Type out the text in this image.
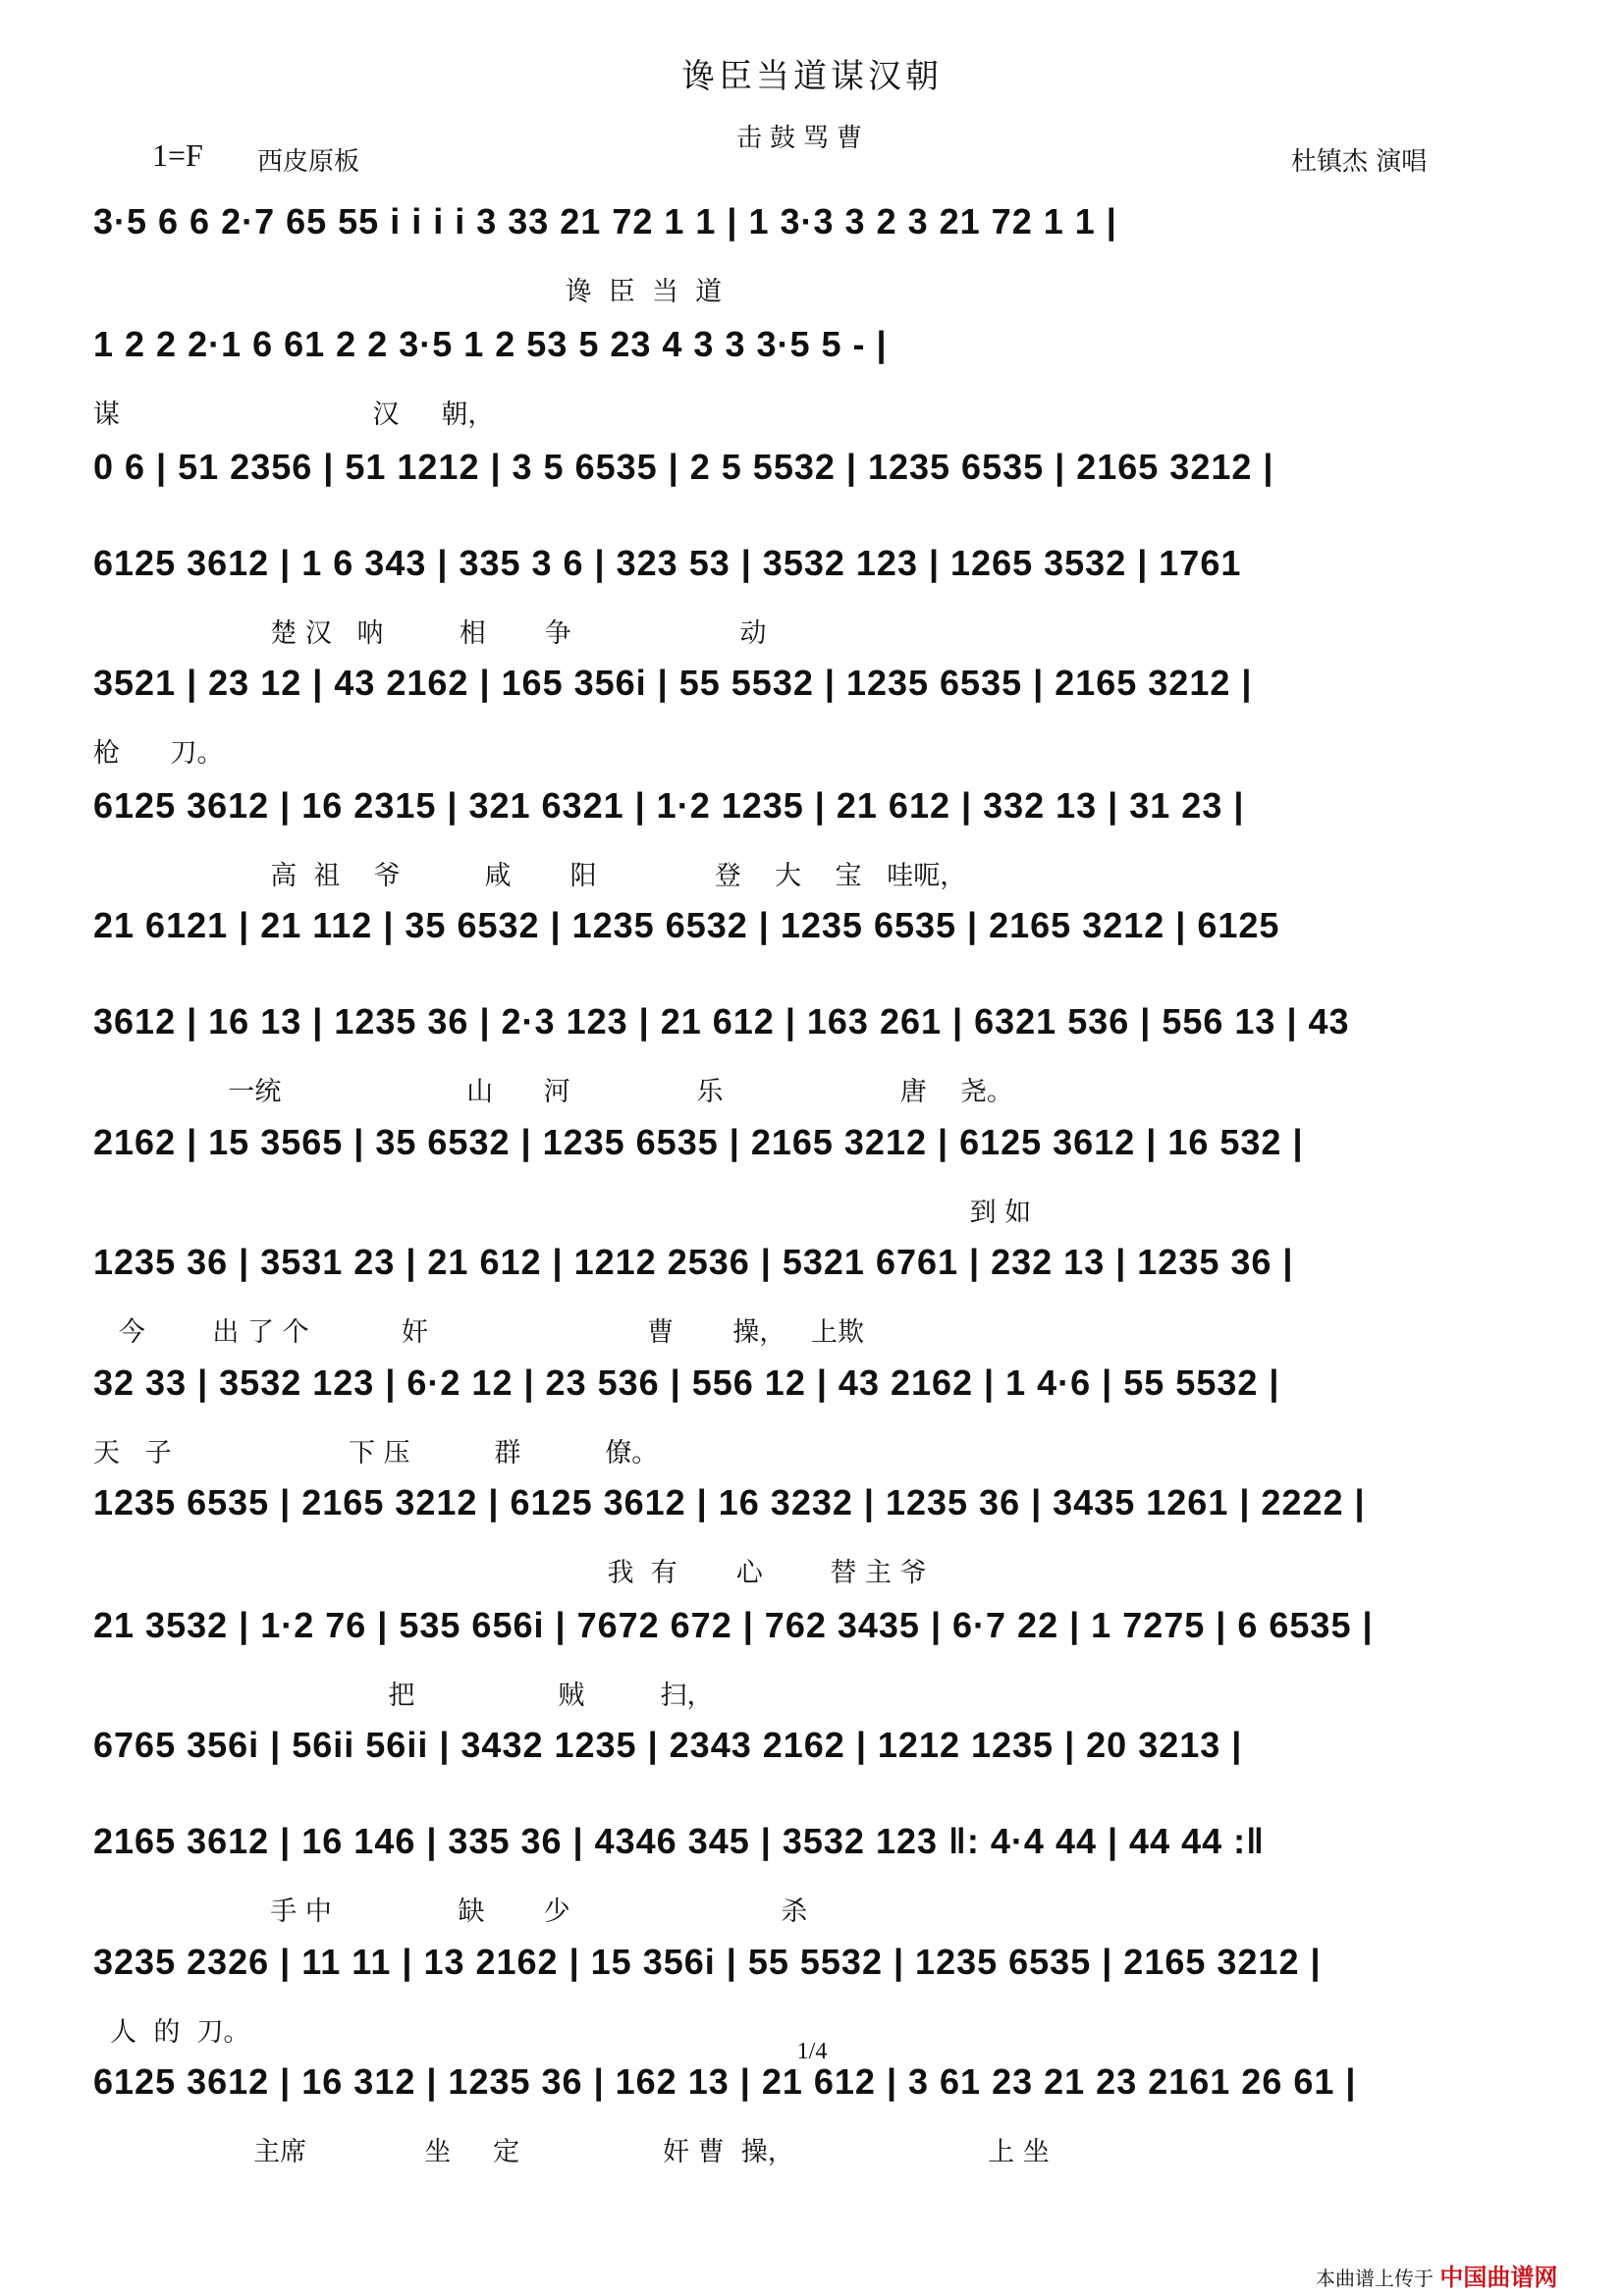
谗臣当道谋汉朝
1=F 西皮原板
击鼓骂曹
杜镇杰 演唱
3·5 6 6 2·7 65 55 i i i i 3 33 21 72 1 1 | 1 3·3 3 2 3 21 72 1 1 |
谗  臣  当  道
1 2 2 2·1 6 61 2 2 3·5 1 2 53 5 23 4 3 3 3·5 5 - |
谋                              汉     朝，
0 6 | 51 2356 | 51 1212 | 3 5 6535 | 2 5 5532 | 1235 6535 | 2165 3212 |
6125 3612 | 1 6 343 | 335 3 6 | 323 53 | 3532 123 | 1265 3532 | 1761
楚 汉   呐         相       争                    动
3521 | 23 12 | 43 2162 | 165 356i | 55 5532 | 1235 6535 | 2165 3212 |
枪      刀。
6125 3612 | 16 2315 | 321 6321 | 1·2 1235 | 21 612 | 332 13 | 31 23 |
高  祖    爷          咸       阳              登    大    宝   哇呃，
21 6121 | 21 112 | 35 6532 | 1235 6532 | 1235 6535 | 2165 3212 | 6125
3612 | 16 13 | 1235 36 | 2·3 123 | 21 612 | 163 261 | 6321 536 | 556 13 | 43
一统                      山      河               乐                     唐    尧。
2162 | 15 3565 | 35 6532 | 1235 6535 | 2165 3212 | 6125 3612 | 16 532 |
到 如
1235 36 | 3531 23 | 21 612 | 1212 2536 | 5321 6761 | 232 13 | 1235 36 |
今        出 了 个           奸                          曹       操，   上欺
32 33 | 3532 123 | 6·2 12 | 23 536 | 556 12 | 43 2162 | 1 4·6 | 55 5532 |
天   子                     下 压          群          僚。
1235 6535 | 2165 3212 | 6125 3612 | 16 3232 | 1235 36 | 3435 1261 | 2222 |
我  有       心        替 主 爷
21 3532 | 1·2 76 | 535 656i | 7672 672 | 762 3435 | 6·7 22 | 1 7275 | 6 6535 |
把                 贼         扫，
6765 356i | 56ii 56ii | 3432 1235 | 2343 2162 | 1212 1235 | 20 3213 |
2165 3612 | 16 146 | 335 36 | 4346 345 | 3532 123 ‖: 4·4 44 | 44 44 :‖
手 中               缺       少                         杀
3235 2326 | 11 11 | 13 2162 | 15 356i | 55 5532 | 1235 6535 | 2165 3212 |
人  的  刀。
6125 3612 | 16 312 | 1235 36 | 162 13 | 21 612 | 3 61 23 21 23 2161 26 61 |
主席              坐     定                 奸 曹  操，                       上 坐
1/4
本曲谱上传于 中国曲谱网
